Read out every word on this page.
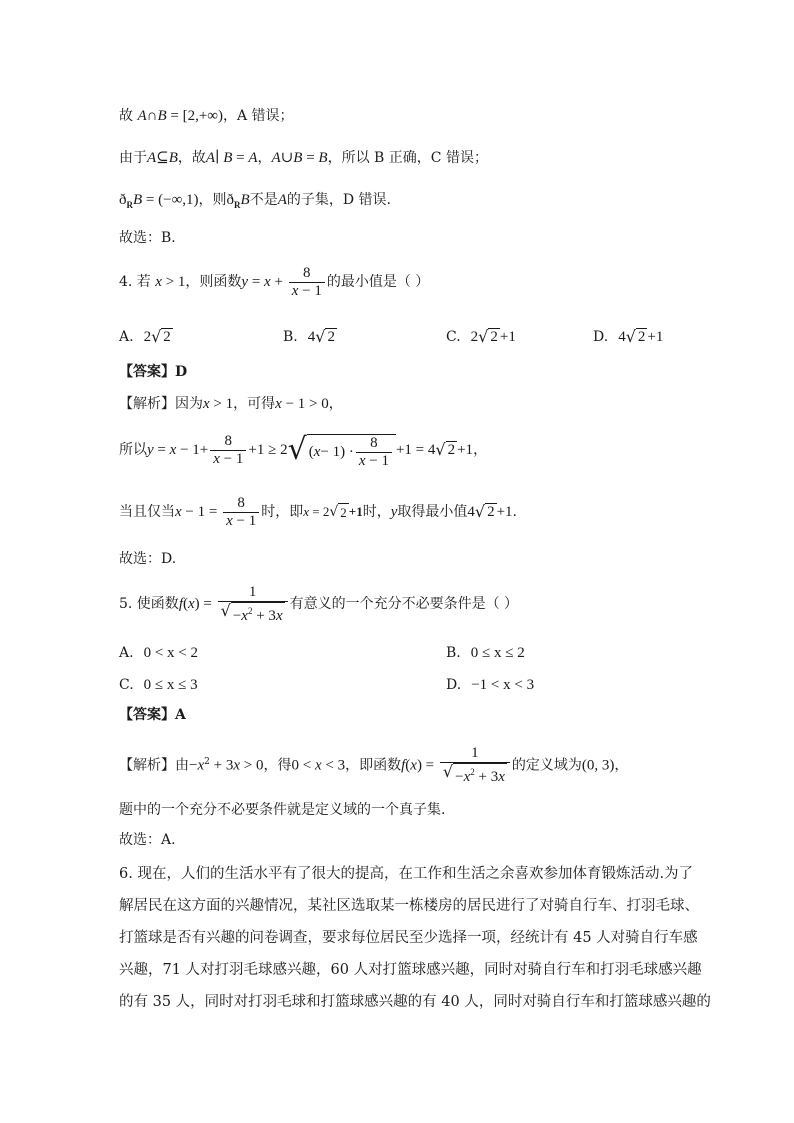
故 A∩B = [2,+∞)，A 错误；
由于A⊆B，故A∣ B = A，A∪B = B，所以 B 正确，C 错误；
$ð_RB = (-\infty,1)$，则$ð_RB$不是A的子集，D 错误.
故选：B.
4. 若 x > 1，则函数$y = x + \frac{8}{x - 1}$ 的最小值是（ ）
A. 2 √ 2	B. 4 √ 2	C. 2 √ 2 +1	D. 4 √ 2 +1
【答案】D
【解析】因为x > 1，可得x − 1 > 0，
所以$y = x - 1+ \frac{8}{x - 1} +1 \ge 2$ √ ( $x - 1) \cdot \frac{8}{x - 1} +1 = 4$ √ 2 +1，
当且仅当$x - 1 = \frac{8}{x - 1}$ 时，即x = 2 √ 2 +1时，y取得最小值4 √ 2 +1.
故选：D.
5. 使函数$f(x) = \frac{1}{√ -x^2 + 3x}$ 有意义的一个充分不必要条件是（ ）
A. 0 < x < 2	B. 0 ≤ x ≤ 2
C. 0 ≤ x ≤ 3	D. −1 < x < 3
【答案】A
【解析】由$-x^2 + 3x > 0$，得0 < x < 3，即函数$f(x) = \frac{1}{√ -x^2 + 3x}$ 的定义域为(0, 3)，
题中的一个充分不必要条件就是定义域的一个真子集.
故选：A.
6. 现在，人们的生活水平有了很大的提高，在工作和生活之余喜欢参加体育锻炼活动.为了
解居民在这方面的兴趣情况，某社区选取某一栋楼房的居民进行了对骑自行车、打羽毛球、
打篮球是否有兴趣的问卷调查，要求每位居民至少选择一项，经统计有 45 人对骑自行车感
兴趣，71 人对打羽毛球感兴趣，60 人对打篮球感兴趣，同时对骑自行车和打羽毛球感兴趣
的有 35 人，同时对打羽毛球和打篮球感兴趣的有 40 人，同时对骑自行车和打篮球感兴趣的
